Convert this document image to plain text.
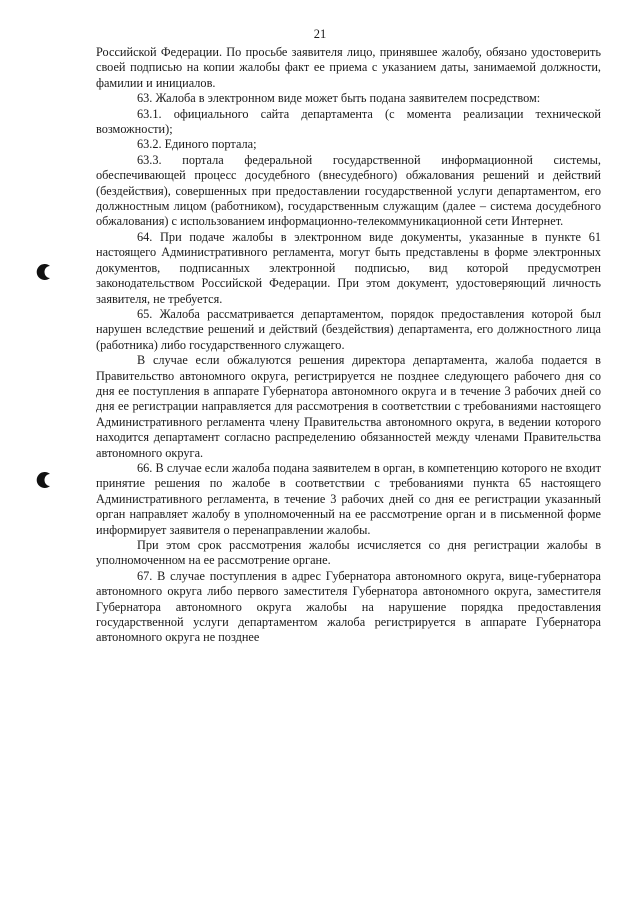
21

Российской Федерации. По просьбе заявителя лицо, принявшее жалобу, обязано удостоверить своей подписью на копии жалобы факт ее приема с указанием даты, занимаемой должности, фамилии и инициалов.

63. Жалоба в электронном виде может быть подана заявителем посредством:

63.1. официального сайта департамента (с момента реализации технической возможности);

63.2. Единого портала;

63.3. портала федеральной государственной информационной системы, обеспечивающей процесс досудебного (внесудебного) обжалования решений и действий (бездействия), совершенных при предоставлении государственной услуги департаментом, его должностным лицом (работником), государственным служащим (далее – система досудебного обжалования) с использованием информационно-телекоммуникационной сети Интернет.

64. При подаче жалобы в электронном виде документы, указанные в пункте 61 настоящего Административного регламента, могут быть представлены в форме электронных документов, подписанных электронной подписью, вид которой предусмотрен законодательством Российской Федерации. При этом документ, удостоверяющий личность заявителя, не требуется.

65. Жалоба рассматривается департаментом, порядок предоставления которой был нарушен вследствие решений и действий (бездействия) департамента, его должностного лица (работника) либо государственного служащего.

В случае если обжалуются решения директора департамента, жалоба подается в Правительство автономного округа, регистрируется не позднее следующего рабочего дня со дня ее поступления в аппарате Губернатора автономного округа и в течение 3 рабочих дней со дня ее регистрации направляется для рассмотрения в соответствии с требованиями настоящего Административного регламента члену Правительства автономного округа, в ведении которого находится департамент согласно распределению обязанностей между членами Правительства автономного округа.

66. В случае если жалоба подана заявителем в орган, в компетенцию которого не входит принятие решения по жалобе в соответствии с требованиями пункта 65 настоящего Административного регламента, в течение 3 рабочих дней со дня ее регистрации указанный орган направляет жалобу в уполномоченный на ее рассмотрение орган и в письменной форме информирует заявителя о перенаправлении жалобы.

При этом срок рассмотрения жалобы исчисляется со дня регистрации жалобы в уполномоченном на ее рассмотрение органе.

67. В случае поступления в адрес Губернатора автономного округа, вице-губернатора автономного округа либо первого заместителя Губернатора автономного округа, заместителя Губернатора автономного округа жалобы на нарушение порядка предоставления государственной услуги департаментом жалоба регистрируется в аппарате Губернатора автономного округа не позднее
